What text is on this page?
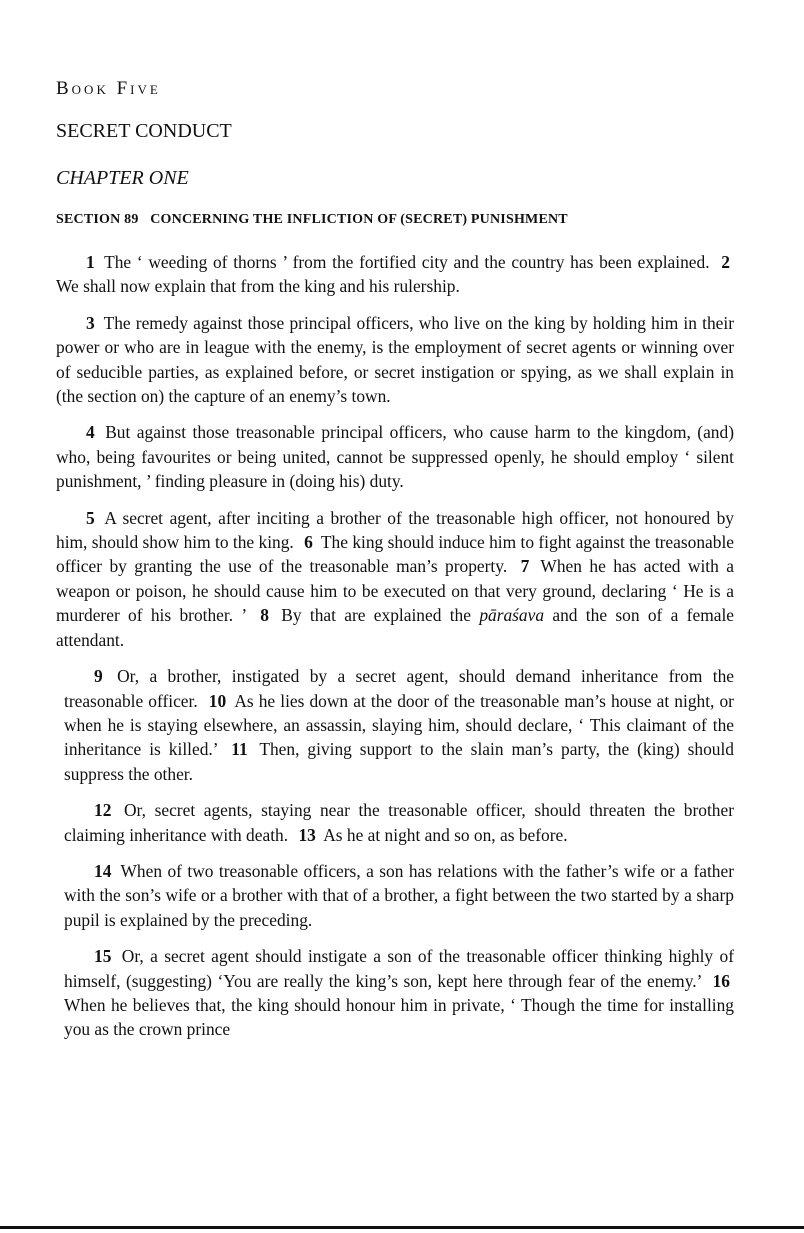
Book Five
SECRET CONDUCT
CHAPTER ONE
SECTION 89 CONCERNING THE INFLICTION OF (SECRET) PUNISHMENT

1 The ‘ weeding of thorns ’ from the fortified city and the country has been explained. 2 We shall now explain that from the king and his rulership.

3 The remedy against those principal officers, who live on the king by holding him in their power or who are in league with the enemy, is the employment of secret agents or winning over of seducible parties, as explained before, or secret instigation or spying, as we shall explain in (the section on) the capture of an enemy’s town.

4 But against those treasonable principal officers, who cause harm to the kingdom, (and) who, being favourites or being united, cannot be suppressed openly, he should employ ‘ silent punishment, ’ finding pleasure in (doing his) duty.

5 A secret agent, after inciting a brother of the treasonable high officer, not honoured by him, should show him to the king. 6 The king should induce him to fight against the treasonable officer by granting the use of the treasonable man’s property. 7 When he has acted with a weapon or poison, he should cause him to be executed on that very ground, declaring ‘ He is a murderer of his brother. ’ 8 By that are explained the pāraśava and the son of a female attendant.

9 Or, a brother, instigated by a secret agent, should demand inheritance from the treasonable officer. 10 As he lies down at the door of the treasonable man’s house at night, or when he is staying elsewhere, an assassin, slaying him, should declare, ‘ This claimant of the inheritance is killed.’ 11 Then, giving support to the slain man’s party, the (king) should suppress the other.

12 Or, secret agents, staying near the treasonable officer, should threaten the brother claiming inheritance with death. 13 As he at night and so on, as before.

14 When of two treasonable officers, a son has relations with the father’s wife or a father with the son’s wife or a brother with that of a brother, a fight between the two started by a sharp pupil is explained by the preceding.

15 Or, a secret agent should instigate a son of the treasonable officer thinking highly of himself, (suggesting) ‘You are really the king’s son, kept here through fear of the enemy.’ 16 When he believes that, the king should honour him in private, ‘ Though the time for installing you as the crown prince
